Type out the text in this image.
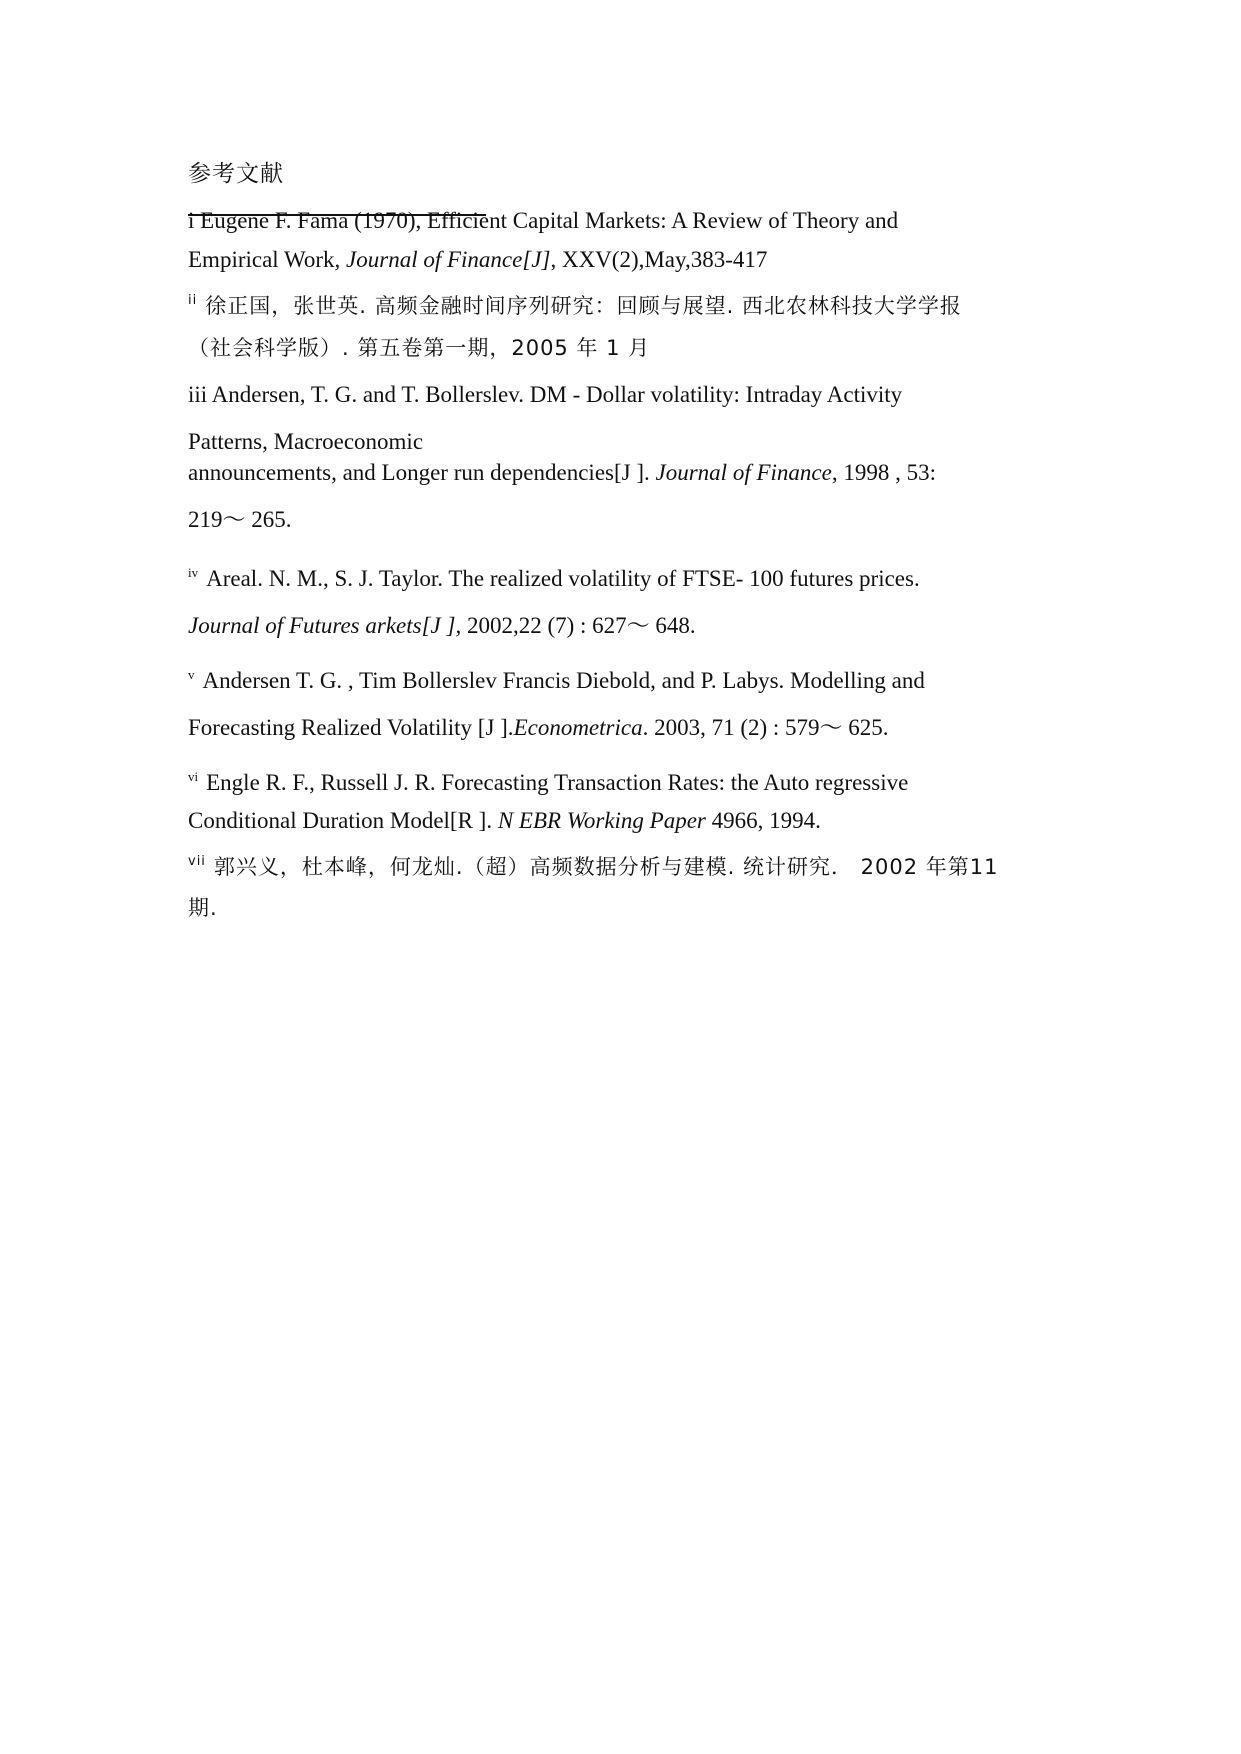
参考文献
i Eugene F. Fama (1970), Efficient Capital Markets: A Review of Theory and
Empirical Work, Journal of Finance[J], XXV(2),May,383-417
$^{ii}$ 徐正国，张世英. 高频金融时间序列研究：回顾与展望. 西北农林科技大学学报
（社会科学版）. 第五卷第一期，2005 年 1 月
iii Andersen, T. G. and T. Bollerslev. DM - Dollar volatility: Intraday Activity
Patterns, Macroeconomic
announcements, and Longer run dependencies[J ]. Journal of Finance, 1998 , 53:
219～ 265.
$^{iv}$ Areal. N. M., S. J. Taylor. The realized volatility of FTSE- 100 futures prices.
Journal of Futures arkets[J ], 2002,22 (7) : 627～ 648.
$^v$ Andersen T. G. , Tim Bollerslev Francis Diebold, and P. Labys. Modelling and
Forecasting Realized Volatility [J ].Econometrica. 2003, 71 (2) : 579～ 625.
$^{vi}$ Engle R. F., Russell J. R. Forecasting Transaction Rates: the Auto regressive
Conditional Duration Model[R ]. N EBR Working Paper 4966, 1994.
$^{vii}$ 郭兴义，杜本峰，何龙灿.（超）高频数据分析与建模. 统计研究． 2002 年第11
期.
